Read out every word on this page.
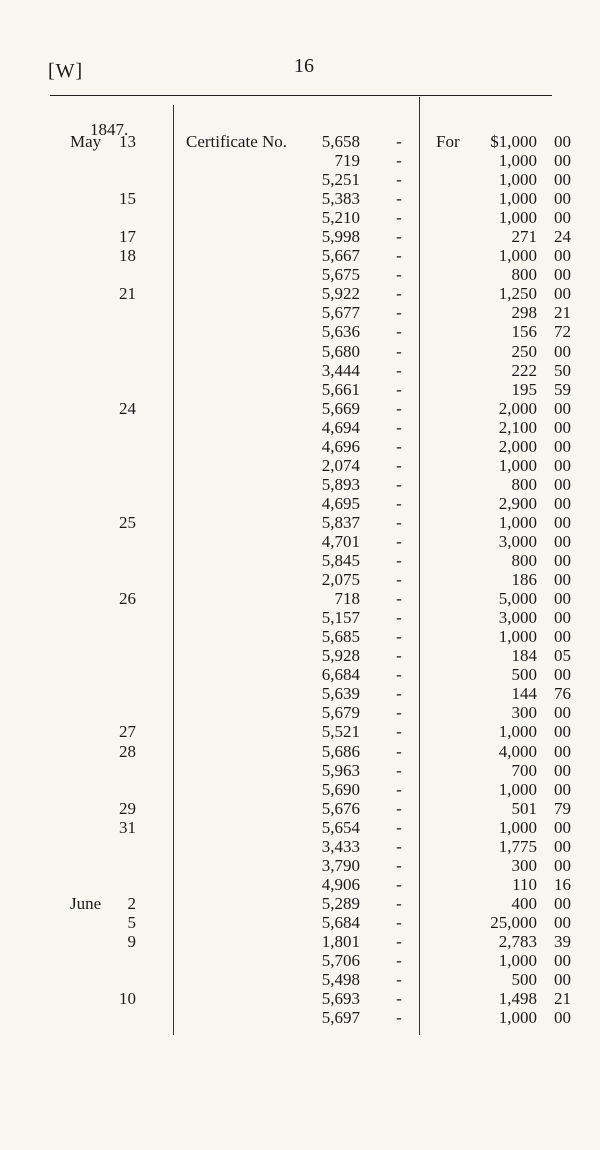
[W]	16
1847.
May	13	Certificate No.	5,658 - For	$1,000	00
719 -	1,000	00
5,251 -	1,000	00
15	5,383 -	1,000	00
5,210 -	1,000	00
17	5,998 -	271	24
18	5,667 -	1,000	00
5,675 -	800	00
21	5,922 -	1,250	00
5,677 -	298	21
5,636 -	156	72
5,680 -	250	00
3,444 -	222	50
5,661 -	195	59
24	5,669 -	2,000	00
4,694 -	2,100	00
4,696 -	2,000	00
2,074 -	1,000	00
5,893 -	800	00
4,695 -	2,900	00
25	5,837 -	1,000	00
4,701 -	3,000	00
5,845 -	800	00
2,075 -	186	00
26	718 -	5,000	00
5,157 -	3,000	00
5,685 -	1,000	00
5,928 -	184	05
6,684 -	500	00
5,639 -	144	76
5,679 -	300	00
27	5,521 -	1,000	00
28	5,686 -	4,000	00
5,963 -	700	00
5,690 -	1,000	00
29	5,676 -	501	79
31	5,654 -	1,000	00
3,433 -	1,775	00
3,790 -	300	00
4,906 -	110	16
June	2	5,289 -	400	00
5	5,684 -	25,000	00
9	1,801 -	2,783	39
5,706 -	1,000	00
5,498 -	500	00
10	5,693 -	1,498	21
5,697 -	1,000	00
